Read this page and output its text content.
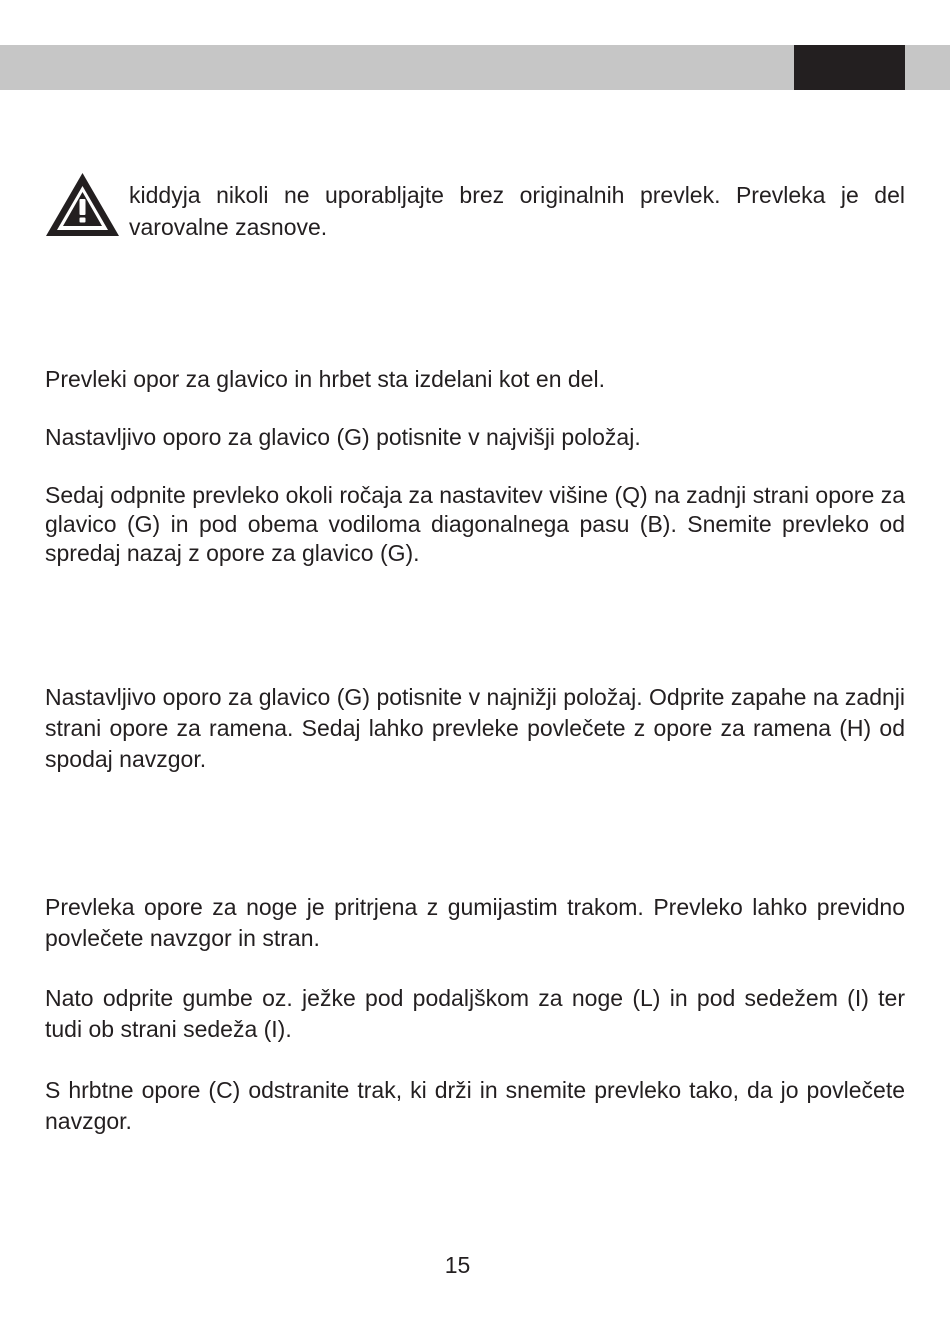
kiddyja nikoli ne uporabljajte brez originalnih prevlek. Prevleka je del varovalne zasnove.

Prevleki opor za glavico in hrbet sta izdelani kot en del.

Nastavljivo oporo za glavico (G) potisnite v najvišji položaj.

Sedaj odpnite prevleko okoli ročaja za nastavitev višine (Q) na zadnji strani opore za glavico (G) in pod obema vodiloma diagonalnega pasu (B). Snemite prevleko od spredaj nazaj z opore za glavico (G).

Nastavljivo oporo za glavico (G) potisnite v najnižji položaj. Odprite zapahe na zadnji strani opore za ramena. Sedaj lahko prevleke povlečete z opore za ramena (H) od spodaj navzgor.

Prevleka opore za noge je pritrjena z gumijastim trakom. Prevleko lahko previdno povlečete navzgor in stran.

Nato odprite gumbe oz. ježke pod podaljškom za noge (L) in pod sedežem (I) ter tudi ob strani sedeža (I).

S hrbtne opore (C) odstranite trak, ki drži in snemite prevleko tako, da jo povlečete navzgor.

15
